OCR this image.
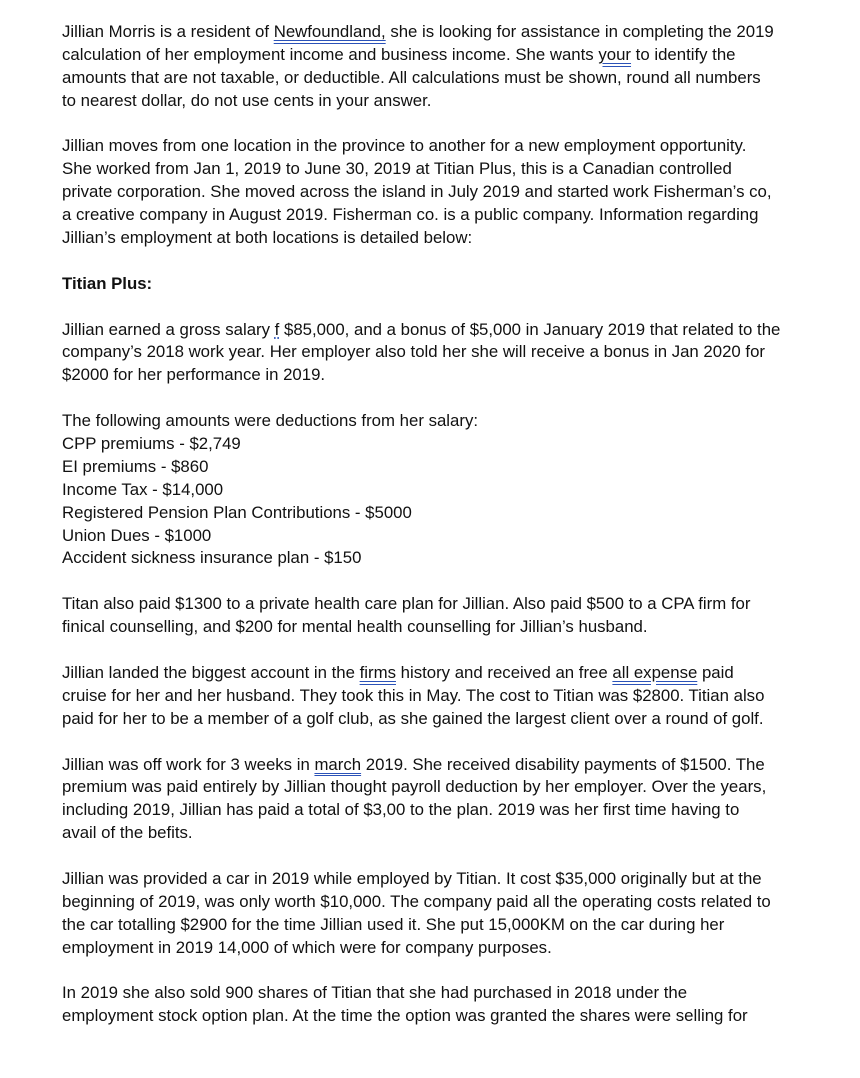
Jillian Morris is a resident of Newfoundland, she is looking for assistance in completing the 2019
calculation of her employment income and business income. She wants your to identify the
amounts that are not taxable, or deductible. All calculations must be shown, round all numbers
to nearest dollar, do not use cents in your answer.
Jillian moves from one location in the province to another for a new employment opportunity.
She worked from Jan 1, 2019 to June 30, 2019 at Titian Plus, this is a Canadian controlled
private corporation. She moved across the island in July 2019 and started work Fisherman’s co,
a creative company in August 2019. Fisherman co. is a public company. Information regarding
Jillian’s employment at both locations is detailed below:
Titian Plus:
Jillian earned a gross salary f $85,000, and a bonus of $5,000 in January 2019 that related to the
company’s 2018 work year. Her employer also told her she will receive a bonus in Jan 2020 for
$2000 for her performance in 2019.
The following amounts were deductions from her salary:
CPP premiums - $2,749
EI premiums - $860
Income Tax - $14,000
Registered Pension Plan Contributions - $5000
Union Dues - $1000
Accident sickness insurance plan - $150
Titan also paid $1300 to a private health care plan for Jillian. Also paid $500 to a CPA firm for
finical counselling, and $200 for mental health counselling for Jillian’s husband.
Jillian landed the biggest account in the firms history and received an free all expense paid
cruise for her and her husband. They took this in May. The cost to Titian was $2800. Titian also
paid for her to be a member of a golf club, as she gained the largest client over a round of golf.
Jillian was off work for 3 weeks in march 2019. She received disability payments of $1500. The
premium was paid entirely by Jillian thought payroll deduction by her employer. Over the years,
including 2019, Jillian has paid a total of $3,00 to the plan. 2019 was her first time having to
avail of the befits.
Jillian was provided a car in 2019 while employed by Titian. It cost $35,000 originally but at the
beginning of 2019, was only worth $10,000. The company paid all the operating costs related to
the car totalling $2900 for the time Jillian used it. She put 15,000KM on the car during her
employment in 2019 14,000 of which were for company purposes.
In 2019 she also sold 900 shares of Titian that she had purchased in 2018 under the
employment stock option plan. At the time the option was granted the shares were selling for
